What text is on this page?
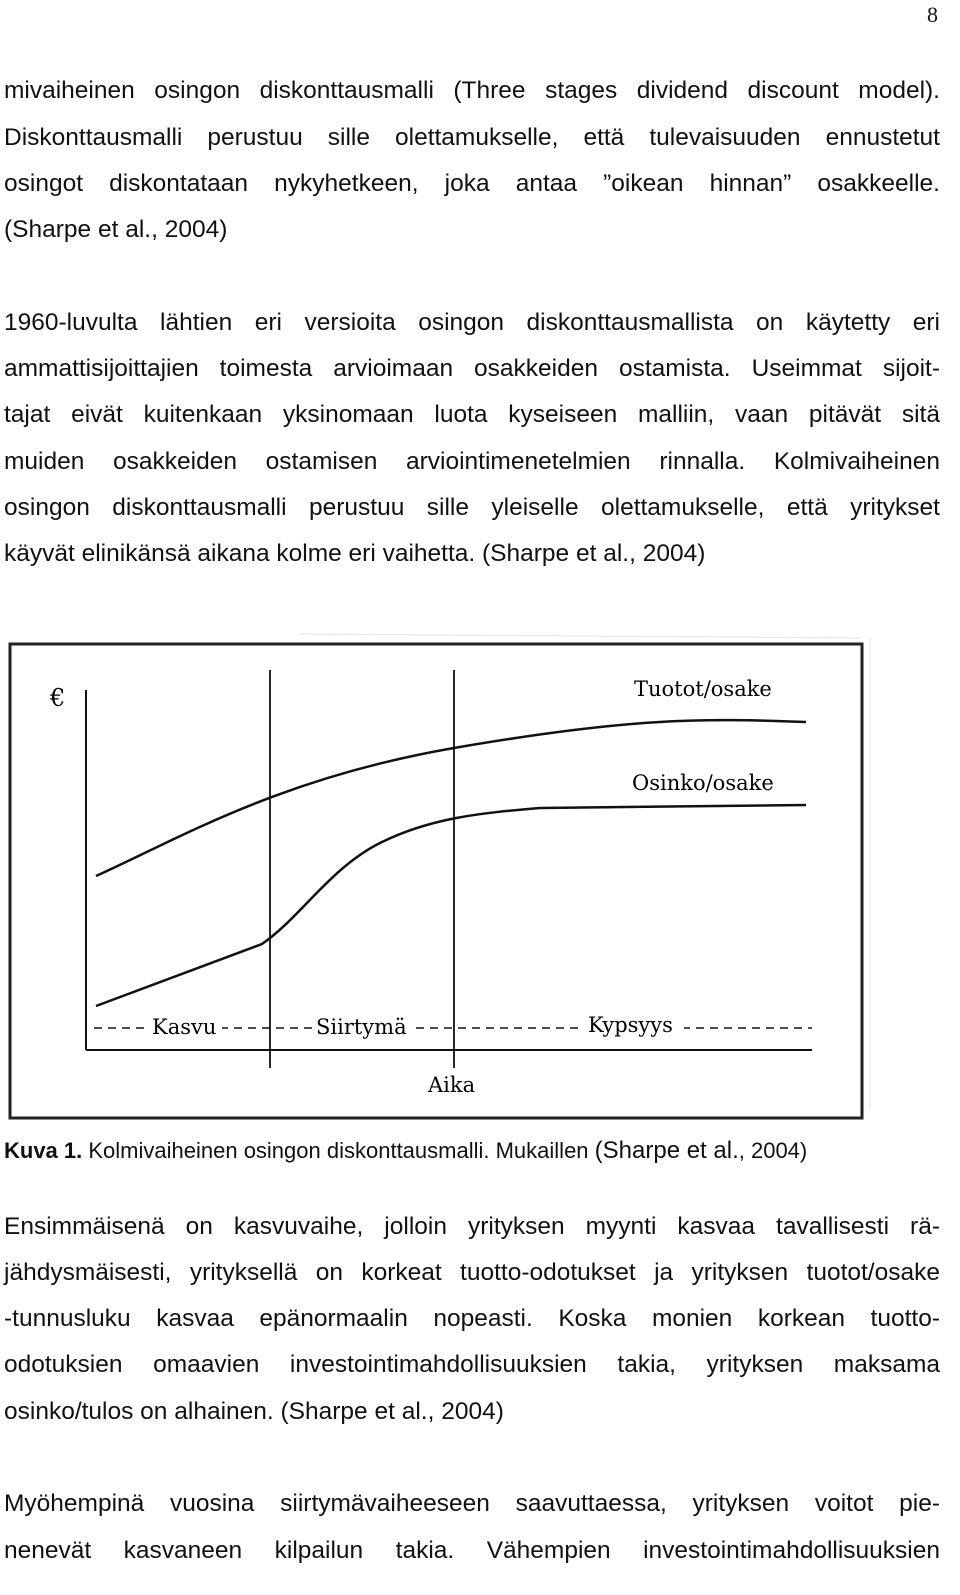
8
mivaiheinen osingon diskonttausmalli (Three stages dividend discount model).
Diskonttausmalli perustuu sille olettamukselle, että tulevaisuuden ennustetut
osingot diskontataan nykyhetkeen, joka antaa ”oikean hinnan” osakkeelle.
(Sharpe et al., 2004)
1960-luvulta lähtien eri versioita osingon diskonttausmallista on käytetty eri
ammattisijoittajien toimesta arvioimaan osakkeiden ostamista. Useimmat sijoit-
tajat eivät kuitenkaan yksinomaan luota kyseiseen malliin, vaan pitävät sitä
muiden osakkeiden ostamisen arviointimenetelmien rinnalla. Kolmivaiheinen
osingon diskonttausmalli perustuu sille yleiselle olettamukselle, että yritykset
käyvät elinikänsä aikana kolme eri vaihetta. (Sharpe et al., 2004)
€
Aika
Tuotot/osake
Osinko/osake
Kasvu	Siirtymä	Kypsyys
Kuva 1. Kolmivaiheinen osingon diskonttausmalli. Mukaillen (Sharpe et al., 2004)
Ensimmäisenä on kasvuvaihe, jolloin yrityksen myynti kasvaa tavallisesti rä-
jähdysmäisesti, yrityksellä on korkeat tuotto-odotukset ja yrityksen tuotot/osake
-tunnusluku kasvaa epänormaalin nopeasti. Koska monien korkean tuotto-
odotuksien omaavien investointimahdollisuuksien takia, yrityksen maksama
osinko/tulos on alhainen. (Sharpe et al., 2004)
Myöhempinä vuosina siirtymävaiheeseen saavuttaessa, yrityksen voitot pie-
nenevät kasvaneen kilpailun takia. Vähempien investointimahdollisuuksien
